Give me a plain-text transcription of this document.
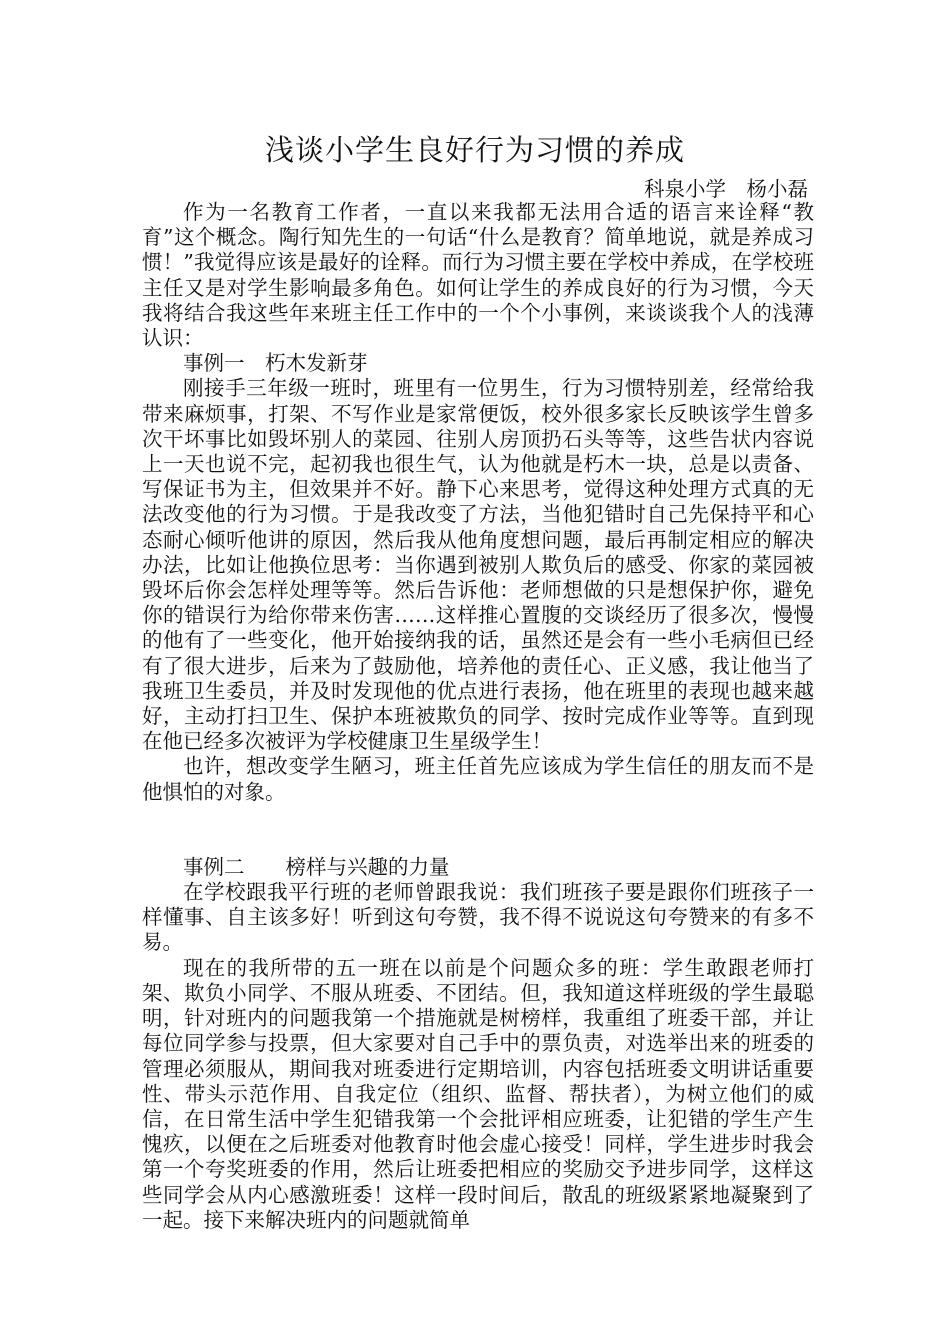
浅谈小学生良好行为习惯的养成
科泉小学　杨小磊

作为一名教育工作者，一直以来我都无法用合适的语言来诠释“教育”这个概念。陶行知先生的一句话“什么是教育？简单地说，就是养成习惯！”我觉得应该是最好的诠释。而行为习惯主要在学校中养成，在学校班主任又是对学生影响最多角色。如何让学生的养成良好的行为习惯，今天我将结合我这些年来班主任工作中的一个个小事例，来谈谈我个人的浅薄认识：

事例一　朽木发新芽

刚接手三年级一班时，班里有一位男生，行为习惯特别差，经常给我带来麻烦事，打架、不写作业是家常便饭，校外很多家长反映该学生曾多次干坏事比如毁坏别人的菜园、往别人房顶扔石头等等，这些告状内容说上一天也说不完，起初我也很生气，认为他就是朽木一块，总是以责备、写保证书为主，但效果并不好。静下心来思考，觉得这种处理方式真的无法改变他的行为习惯。于是我改变了方法，当他犯错时自己先保持平和心态耐心倾听他讲的原因，然后我从他角度想问题，最后再制定相应的解决办法，比如让他换位思考：当你遇到被别人欺负后的感受、你家的菜园被毁坏后你会怎样处理等等。然后告诉他：老师想做的只是想保护你，避免你的错误行为给你带来伤害……这样推心置腹的交谈经历了很多次，慢慢的他有了一些变化，他开始接纳我的话，虽然还是会有一些小毛病但已经有了很大进步，后来为了鼓励他，培养他的责任心、正义感，我让他当了我班卫生委员，并及时发现他的优点进行表扬，他在班里的表现也越来越好，主动打扫卫生、保护本班被欺负的同学、按时完成作业等等。直到现在他已经多次被评为学校健康卫生星级学生！

也许，想改变学生陋习，班主任首先应该成为学生信任的朋友而不是他惧怕的对象。

事例二　　榜样与兴趣的力量

在学校跟我平行班的老师曾跟我说：我们班孩子要是跟你们班孩子一样懂事、自主该多好！听到这句夸赞，我不得不说说这句夸赞来的有多不易。

现在的我所带的五一班在以前是个问题众多的班：学生敢跟老师打架、欺负小同学、不服从班委、不团结。但，我知道这样班级的学生最聪明，针对班内的问题我第一个措施就是树榜样，我重组了班委干部，并让每位同学参与投票，但大家要对自己手中的票负责，对选举出来的班委的管理必须服从，期间我对班委进行定期培训，内容包括班委文明讲话重要性、带头示范作用、自我定位（组织、监督、帮扶者），为树立他们的威信，在日常生活中学生犯错我第一个会批评相应班委，让犯错的学生产生愧疚，以便在之后班委对他教育时他会虚心接受！同样，学生进步时我会第一个夸奖班委的作用，然后让班委把相应的奖励交予进步同学，这样这些同学会从内心感激班委！这样一段时间后，散乱的班级紧紧地凝聚到了一起。接下来解决班内的问题就简单
